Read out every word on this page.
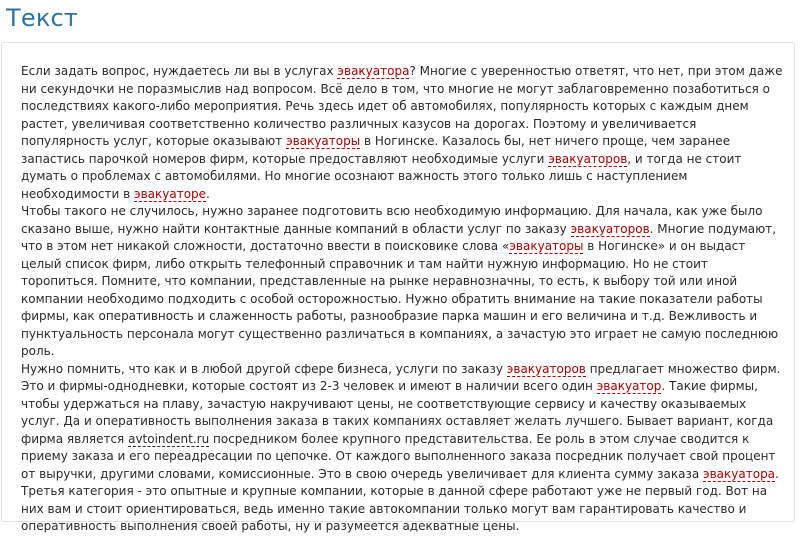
Текст

Если задать вопрос, нуждаетесь ли вы в услугах эвакуатора? Многие с уверенностью ответят, что нет, при этом даже ни секундочки не поразмыслив над вопросом. Всё дело в том, что многие не могут заблаговременно позаботиться о последствиях какого-либо мероприятия. Речь здесь идет об автомобилях, популярность которых с каждым днем растет, увеличивая соответственно количество различных казусов на дорогах. Поэтому и увеличивается популярность услуг, которые оказывают эвакуаторы в Ногинске. Казалось бы, нет ничего проще, чем заранее запастись парочкой номеров фирм, которые предоставляют необходимые услуги эвакуаторов, и тогда не стоит думать о проблемах с автомобилями. Но многие осознают важность этого только лишь с наступлением необходимости в эвакуаторе.

Чтобы такого не случилось, нужно заранее подготовить всю необходимую информацию. Для начала, как уже было сказано выше, нужно найти контактные данные компаний в области услуг по заказу эвакуаторов. Многие подумают, что в этом нет никакой сложности, достаточно ввести в поисковике слова «эвакуаторы в Ногинске» и он выдаст целый список фирм, либо открыть телефонный справочник и там найти нужную информацию. Но не стоит торопиться. Помните, что компании, представленные на рынке неравнозначны, то есть, к выбору той или иной компании необходимо подходить с особой осторожностью. Нужно обратить внимание на такие показатели работы фирмы, как оперативность и слаженность работы, разнообразие парка машин и его величина и т.д. Вежливость и пунктуальность персонала могут существенно различаться в компаниях, а зачастую это играет не самую последнюю роль.

Нужно помнить, что как и в любой другой сфере бизнеса, услуги по заказу эвакуаторов предлагает множество фирм. Это и фирмы-однодневки, которые состоят из 2-3 человек и имеют в наличии всего один эвакуатор. Такие фирмы, чтобы удержаться на плаву, зачастую накручивают цены, не соответствующие сервису и качеству оказываемых услуг. Да и оперативность выполнения заказа в таких компаниях оставляет желать лучшего. Бывает вариант, когда фирма является avtoindent.ru посредником более крупного представительства. Ее роль в этом случае сводится к приему заказа и его переадресации по цепочке. От каждого выполненного заказа посредник получает свой процент от выручки, другими словами, комиссионные. Это в свою очередь увеличивает для клиента сумму заказа эвакуатора. Третья категория - это опытные и крупные компании, которые в данной сфере работают уже не первый год. Вот на них вам и стоит ориентироваться, ведь именно такие автокомпании только могут вам гарантировать качество и оперативность выполнения своей работы, ну и разумеется адекватные цены.
